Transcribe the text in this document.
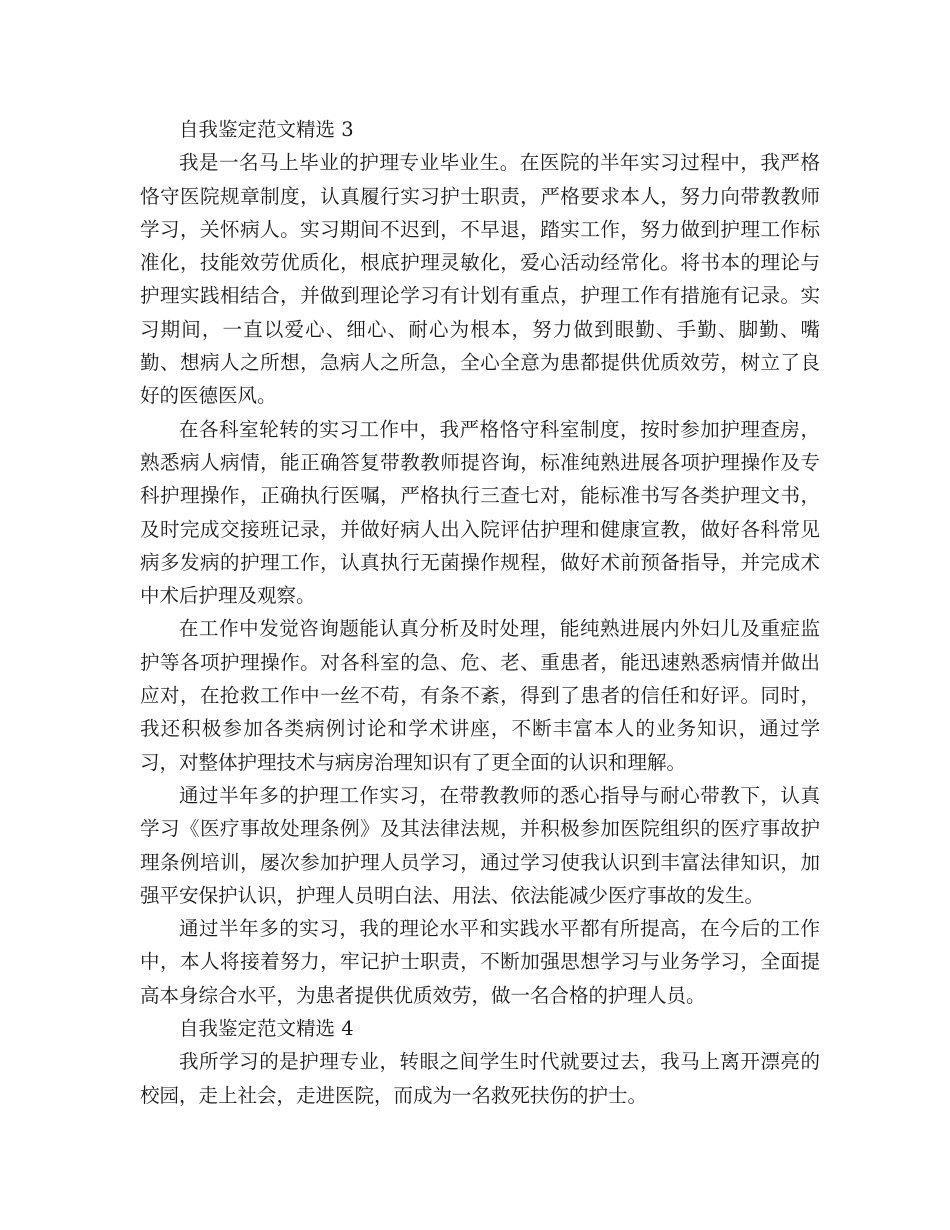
自我鉴定范文精选 3

我是一名马上毕业的护理专业毕业生。在医院的半年实习过程中，我严格恪守医院规章制度，认真履行实习护士职责，严格要求本人，努力向带教教师学习，关怀病人。实习期间不迟到，不早退，踏实工作，努力做到护理工作标准化，技能效劳优质化，根底护理灵敏化，爱心活动经常化。将书本的理论与护理实践相结合，并做到理论学习有计划有重点，护理工作有措施有记录。实习期间，一直以爱心、细心、耐心为根本，努力做到眼勤、手勤、脚勤、嘴勤、想病人之所想，急病人之所急，全心全意为患都提供优质效劳，树立了良好的医德医风。

在各科室轮转的实习工作中，我严格恪守科室制度，按时参加护理查房，熟悉病人病情，能正确答复带教教师提咨询，标准纯熟进展各项护理操作及专科护理操作，正确执行医嘱，严格执行三查七对，能标准书写各类护理文书，及时完成交接班记录，并做好病人出入院评估护理和健康宣教，做好各科常见病多发病的护理工作，认真执行无菌操作规程，做好术前预备指导，并完成术中术后护理及观察。

在工作中发觉咨询题能认真分析及时处理，能纯熟进展内外妇儿及重症监护等各项护理操作。对各科室的急、危、老、重患者，能迅速熟悉病情并做出应对，在抢救工作中一丝不苟，有条不紊，得到了患者的信任和好评。同时，我还积极参加各类病例讨论和学术讲座，不断丰富本人的业务知识，通过学习，对整体护理技术与病房治理知识有了更全面的认识和理解。

通过半年多的护理工作实习，在带教教师的悉心指导与耐心带教下，认真学习《医疗事故处理条例》及其法律法规，并积极参加医院组织的医疗事故护理条例培训，屡次参加护理人员学习，通过学习使我认识到丰富法律知识，加强平安保护认识，护理人员明白法、用法、依法能减少医疗事故的发生。

通过半年多的实习，我的理论水平和实践水平都有所提高，在今后的工作中，本人将接着努力，牢记护士职责，不断加强思想学习与业务学习，全面提高本身综合水平，为患者提供优质效劳，做一名合格的护理人员。

自我鉴定范文精选 4

我所学习的是护理专业，转眼之间学生时代就要过去，我马上离开漂亮的校园，走上社会，走进医院，而成为一名救死扶伤的护士。
